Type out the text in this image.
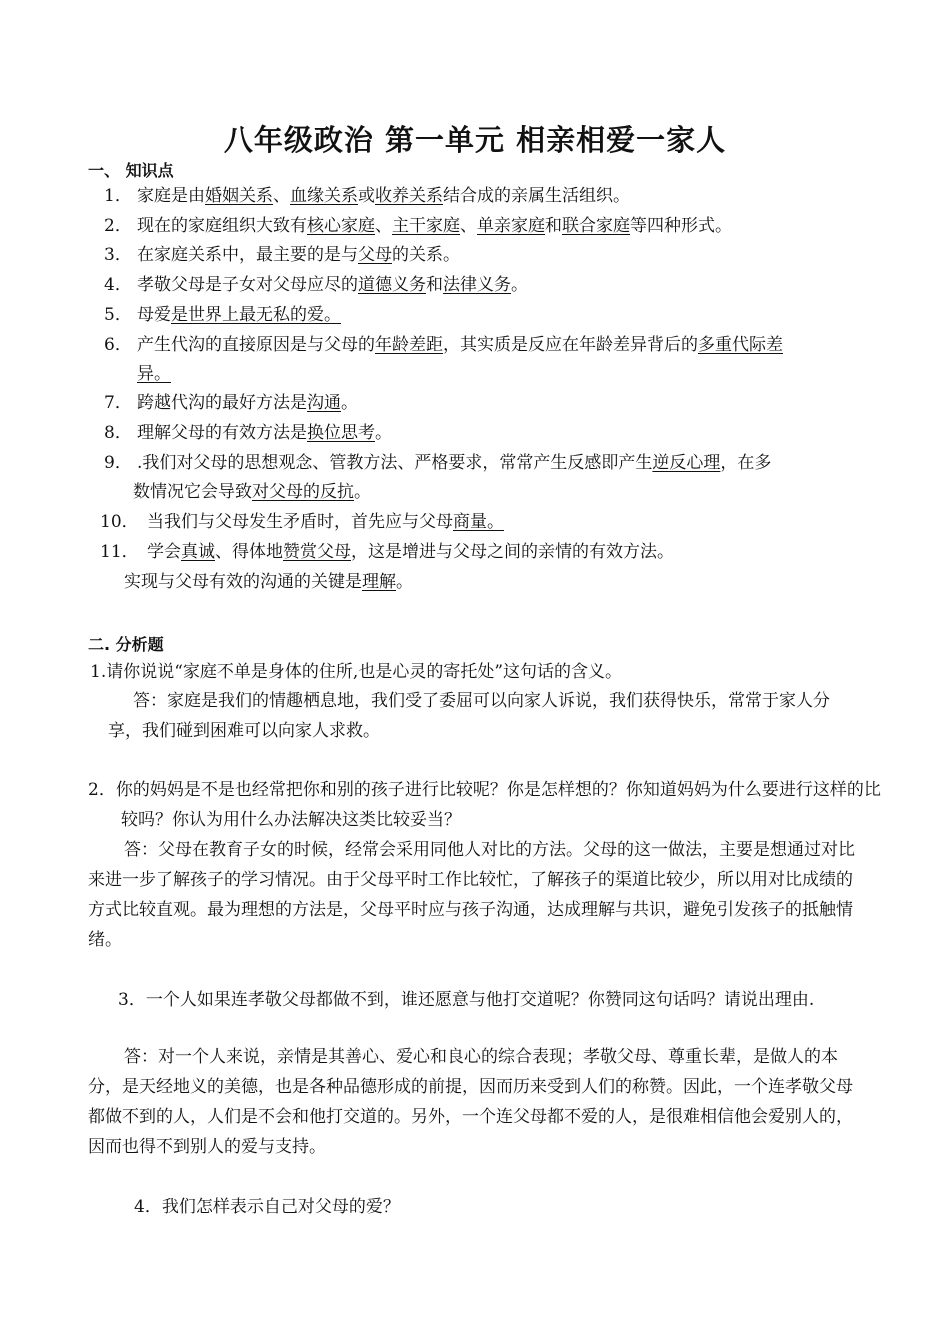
八年级政治 第一单元 相亲相爱一家人
一、 知识点
1． 家庭是由婚姻关系、血缘关系或收养关系结合成的亲属生活组织。
2． 现在的家庭组织大致有核心家庭、主干家庭、单亲家庭和联合家庭等四种形式。
3． 在家庭关系中，最主要的是与父母的关系。
4． 孝敬父母是子女对父母应尽的道德义务和法律义务。
5． 母爱是世界上最无私的爱。
6． 产生代沟的直接原因是与父母的年龄差距，其实质是反应在年龄差异背后的多重代际差
异。
7． 跨越代沟的最好方法是沟通。
8． 理解父母的有效方法是换位思考。
9． .我们对父母的思想观念、管教方法、严格要求，常常产生反感即产生逆反心理，在多
数情况它会导致对父母的反抗。
10． 当我们与父母发生矛盾时，首先应与父母商量。
11． 学会真诚、得体地赞赏父母，这是增进与父母之间的亲情的有效方法。
实现与父母有效的沟通的关键是理解。
二. 分析题
1.请你说说“家庭不单是身体的住所,也是心灵的寄托处”这句话的含义。
答：家庭是我们的情趣栖息地，我们受了委屈可以向家人诉说，我们获得快乐，常常于家人分享，我们碰到困难可以向家人求救。
2．你的妈妈是不是也经常把你和别的孩子进行比较呢？你是怎样想的？你知道妈妈为什么要进行这样的比较吗？你认为用什么办法解决这类比较妥当？
答：父母在教育子女的时候，经常会采用同他人对比的方法。父母的这一做法，主要是想通过对比来进一步了解孩子的学习情况。由于父母平时工作比较忙，了解孩子的渠道比较少，所以用对比成绩的方式比较直观。最为理想的方法是，父母平时应与孩子沟通，达成理解与共识，避免引发孩子的抵触情绪。
3．一个人如果连孝敬父母都做不到，谁还愿意与他打交道呢？你赞同这句话吗？请说出理由.
答：对一个人来说，亲情是其善心、爱心和良心的综合表现；孝敬父母、尊重长辈，是做人的本分，是天经地义的美德，也是各种品德形成的前提，因而历来受到人们的称赞。因此，一个连孝敬父母都做不到的人，人们是不会和他打交道的。另外，一个连父母都不爱的人，是很难相信他会爱别人的，因而也得不到别人的爱与支持。
4．我们怎样表示自己对父母的爱？
